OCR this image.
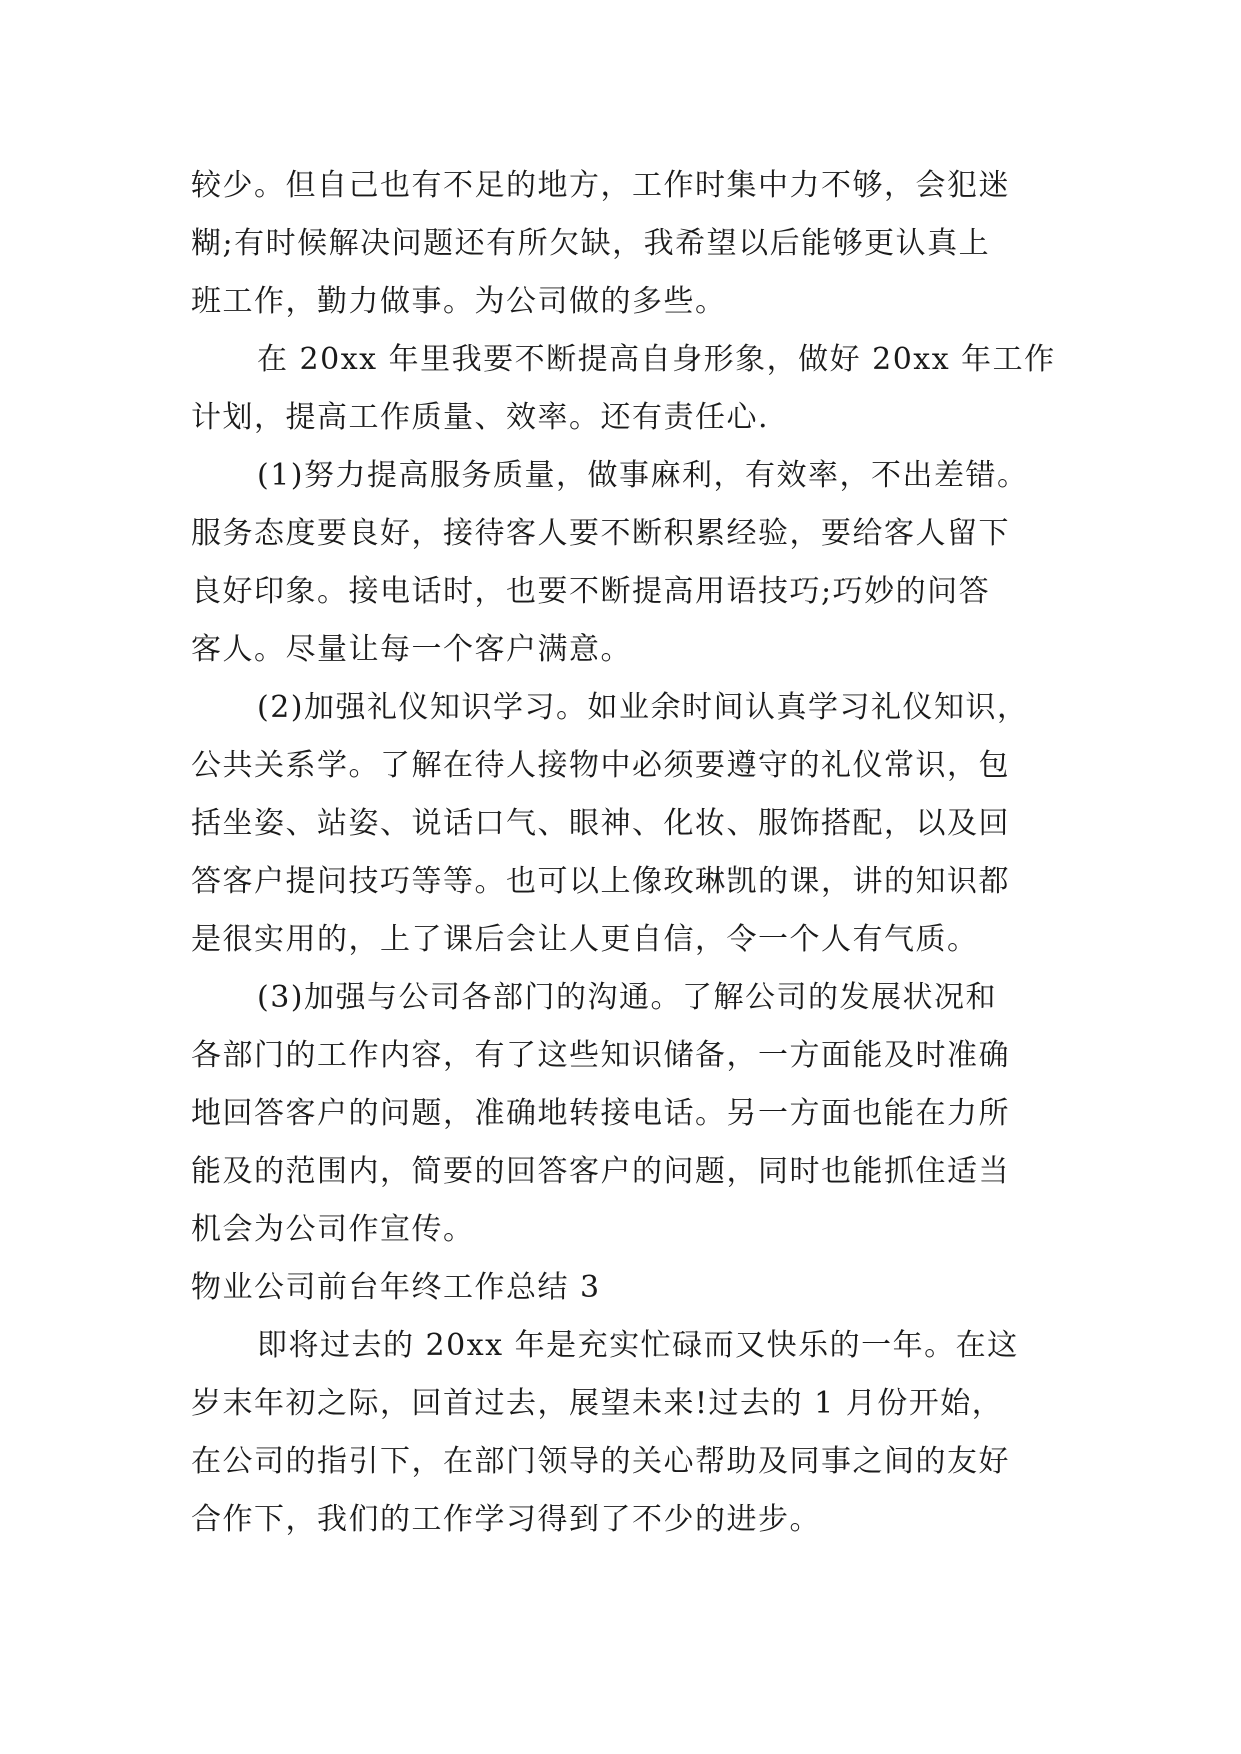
较少。但自己也有不足的地方，工作时集中力不够，会犯迷
糊;有时候解决问题还有所欠缺，我希望以后能够更认真上
班工作，勤力做事。为公司做的多些。
在 20xx 年里我要不断提高自身形象，做好 20xx 年工作
计划，提高工作质量、效率。还有责任心.
(1)努力提高服务质量，做事麻利，有效率，不出差错。
服务态度要良好，接待客人要不断积累经验，要给客人留下
良好印象。接电话时，也要不断提高用语技巧;巧妙的问答
客人。尽量让每一个客户满意。
(2)加强礼仪知识学习。如业余时间认真学习礼仪知识，
公共关系学。了解在待人接物中必须要遵守的礼仪常识，包
括坐姿、站姿、说话口气、眼神、化妆、服饰搭配，以及回
答客户提问技巧等等。也可以上像玫琳凯的课，讲的知识都
是很实用的，上了课后会让人更自信，令一个人有气质。
(3)加强与公司各部门的沟通。了解公司的发展状况和
各部门的工作内容，有了这些知识储备，一方面能及时准确
地回答客户的问题，准确地转接电话。另一方面也能在力所
能及的范围内，简要的回答客户的问题，同时也能抓住适当
机会为公司作宣传。
物业公司前台年终工作总结 3
即将过去的 20xx 年是充实忙碌而又快乐的一年。在这
岁末年初之际，回首过去，展望未来!过去的 1 月份开始，
在公司的指引下，在部门领导的关心帮助及同事之间的友好
合作下，我们的工作学习得到了不少的进步。
